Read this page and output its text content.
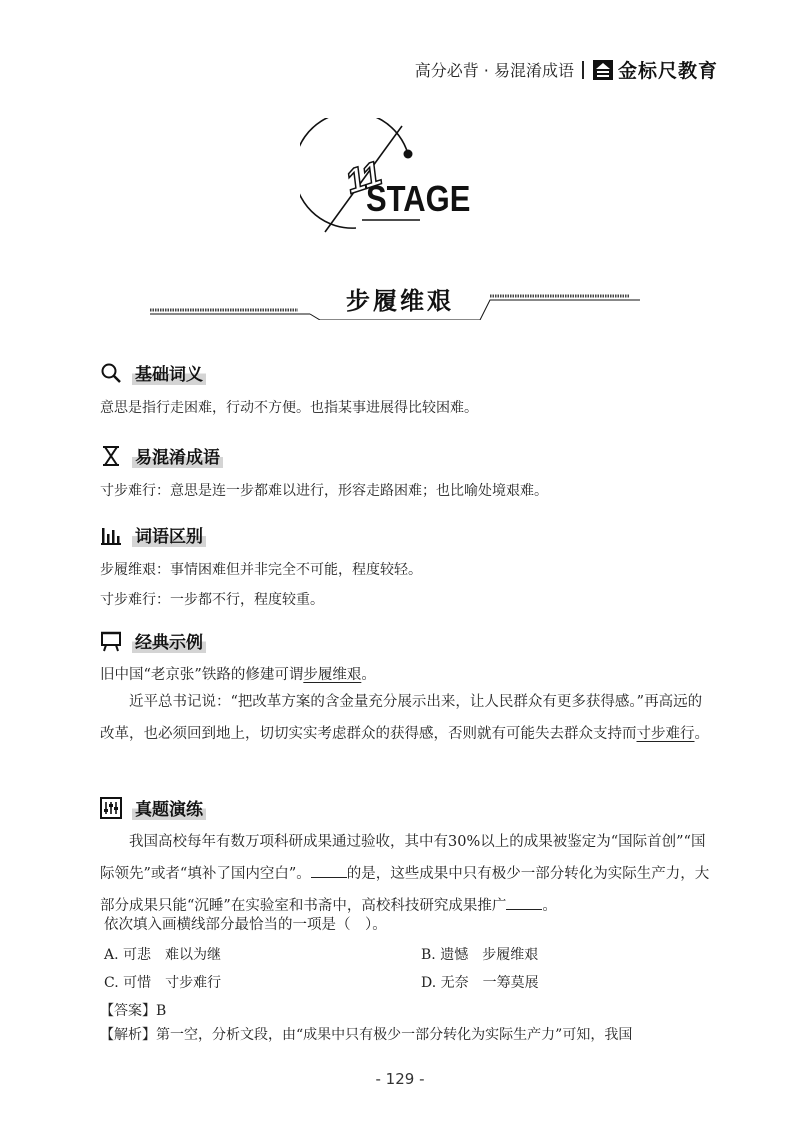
高分必背 · 易混淆成语 金标尺教育
11
STAGE
步履维艰
基础词义
意思是指行走困难，行动不方便。也指某事进展得比较困难。
易混淆成语
寸步难行：意思是连一步都难以进行，形容走路困难；也比喻处境艰难。
词语区别
步履维艰：事情困难但并非完全不可能，程度较轻。
寸步难行：一步都不行，程度较重。
经典示例
旧中国“老京张”铁路的修建可谓步履维艰。
近平总书记说：“把改革方案的含金量充分展示出来，让人民群众有更多获得感。”再高远的改革，也必须回到地上，切切实实考虑群众的获得感，否则就有可能失去群众支持而寸步难行。
真题演练
我国高校每年有数万项科研成果通过验收，其中有30%以上的成果被鉴定为“国际首创”“国际领先”或者“填补了国内空白”。 的是，这些成果中只有极少一部分转化为实际生产力，大部分成果只能“沉睡”在实验室和书斋中，高校科技研究成果推广 。
依次填入画横线部分最恰当的一项是（　）。
A. 可悲　难以为继	B. 遗憾　步履维艰
C. 可惜　寸步难行	D. 无奈　一筹莫展
【答案】B
【解析】第一空，分析文段，由“成果中只有极少一部分转化为实际生产力”可知，我国
- 129 -
